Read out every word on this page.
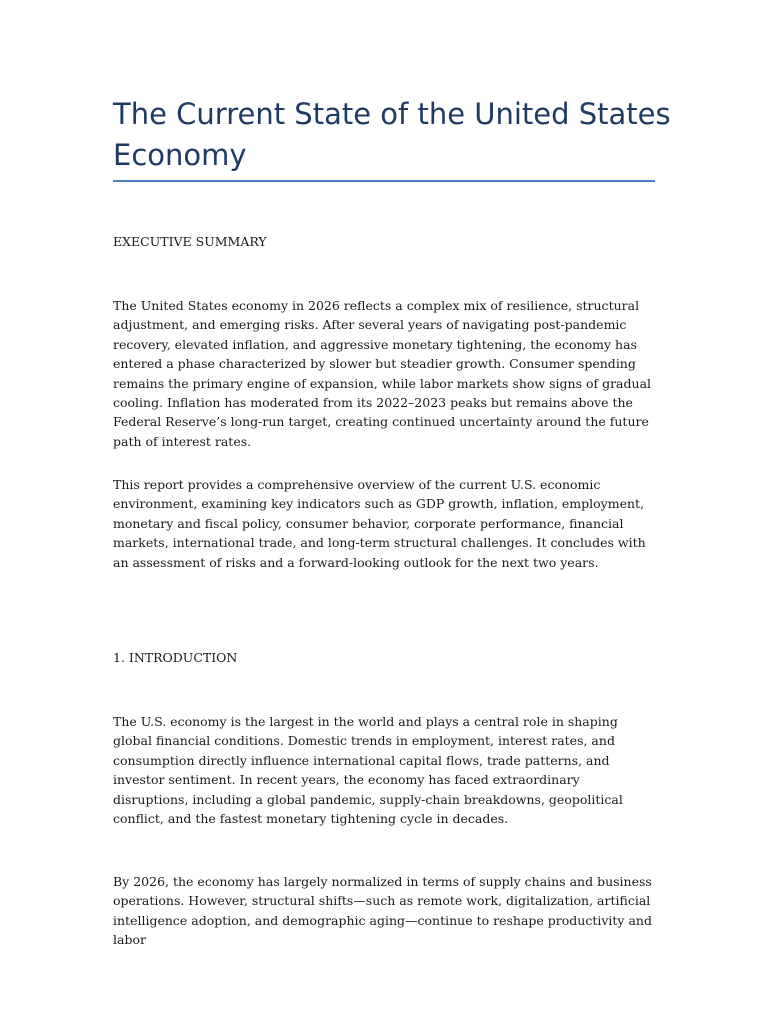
The Current State of the United States Economy

EXECUTIVE SUMMARY

The United States economy in 2026 reflects a complex mix of resilience, structural adjustment, and emerging risks. After several years of navigating post-pandemic recovery, elevated inflation, and aggressive monetary tightening, the economy has entered a phase characterized by slower but steadier growth. Consumer spending remains the primary engine of expansion, while labor markets show signs of gradual cooling. Inflation has moderated from its 2022–2023 peaks but remains above the Federal Reserve’s long-run target, creating continued uncertainty around the future path of interest rates.

This report provides a comprehensive overview of the current U.S. economic environment, examining key indicators such as GDP growth, inflation, employment, monetary and fiscal policy, consumer behavior, corporate performance, financial markets, international trade, and long-term structural challenges. It concludes with an assessment of risks and a forward-looking outlook for the next two years.

1. INTRODUCTION

The U.S. economy is the largest in the world and plays a central role in shaping global financial conditions. Domestic trends in employment, interest rates, and consumption directly influence international capital flows, trade patterns, and investor sentiment. In recent years, the economy has faced extraordinary disruptions, including a global pandemic, supply-chain breakdowns, geopolitical conflict, and the fastest monetary tightening cycle in decades.

By 2026, the economy has largely normalized in terms of supply chains and business operations. However, structural shifts—such as remote work, digitalization, artificial intelligence adoption, and demographic aging—continue to reshape productivity and labor
